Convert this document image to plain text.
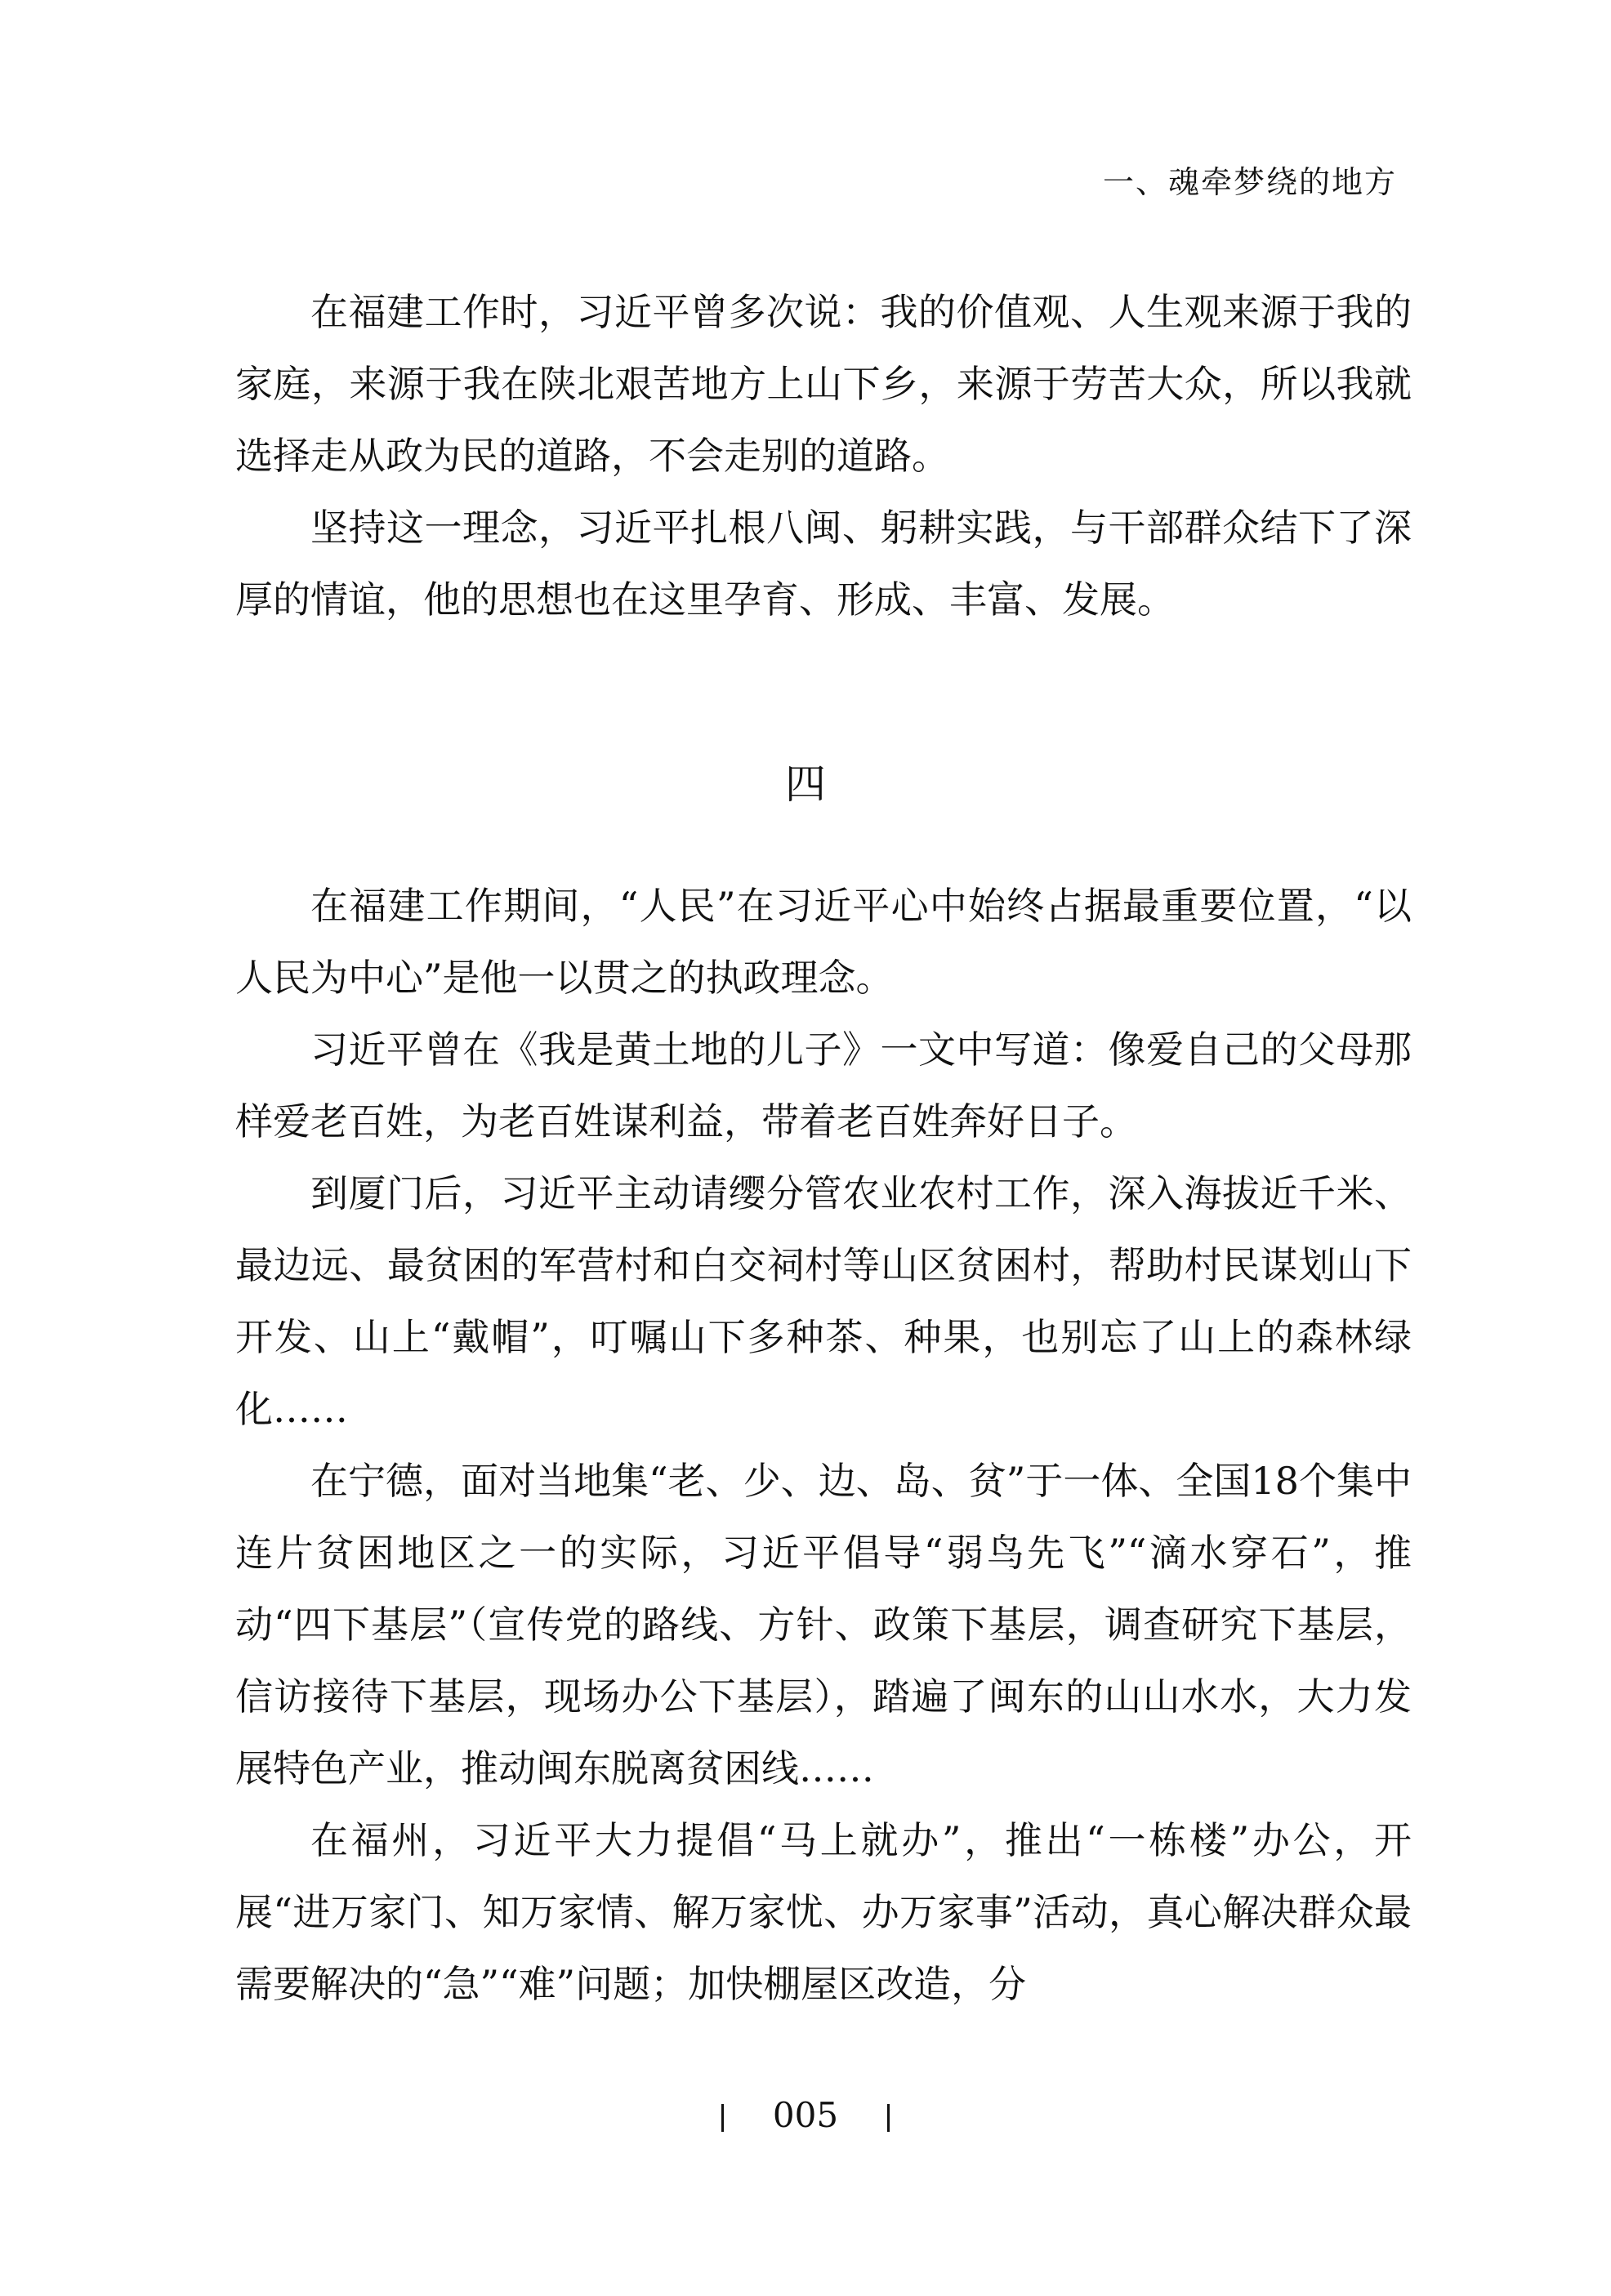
一、魂牵梦绕的地方

在福建工作时，习近平曾多次说：我的价值观、人生观来源于我的家庭，来源于我在陕北艰苦地方上山下乡，来源于劳苦大众，所以我就选择走从政为民的道路，不会走别的道路。

坚持这一理念，习近平扎根八闽、躬耕实践，与干部群众结下了深厚的情谊，他的思想也在这里孕育、形成、丰富、发展。

四

在福建工作期间，“人民”在习近平心中始终占据最重要位置，“以人民为中心”是他一以贯之的执政理念。

习近平曾在《我是黄土地的儿子》一文中写道：像爱自己的父母那样爱老百姓，为老百姓谋利益，带着老百姓奔好日子。

到厦门后，习近平主动请缨分管农业农村工作，深入海拔近千米、最边远、最贫困的军营村和白交祠村等山区贫困村，帮助村民谋划山下开发、山上“戴帽”，叮嘱山下多种茶、种果，也别忘了山上的森林绿化……

在宁德，面对当地集“老、少、边、岛、贫”于一体、全国18个集中连片贫困地区之一的实际，习近平倡导“弱鸟先飞”“滴水穿石”，推动“四下基层”（宣传党的路线、方针、政策下基层，调查研究下基层，信访接待下基层，现场办公下基层），踏遍了闽东的山山水水，大力发展特色产业，推动闽东脱离贫困线……

在福州，习近平大力提倡“马上就办”，推出“一栋楼”办公，开展“进万家门、知万家情、解万家忧、办万家事”活动，真心解决群众最需要解决的“急”“难”问题；加快棚屋区改造，分

005
